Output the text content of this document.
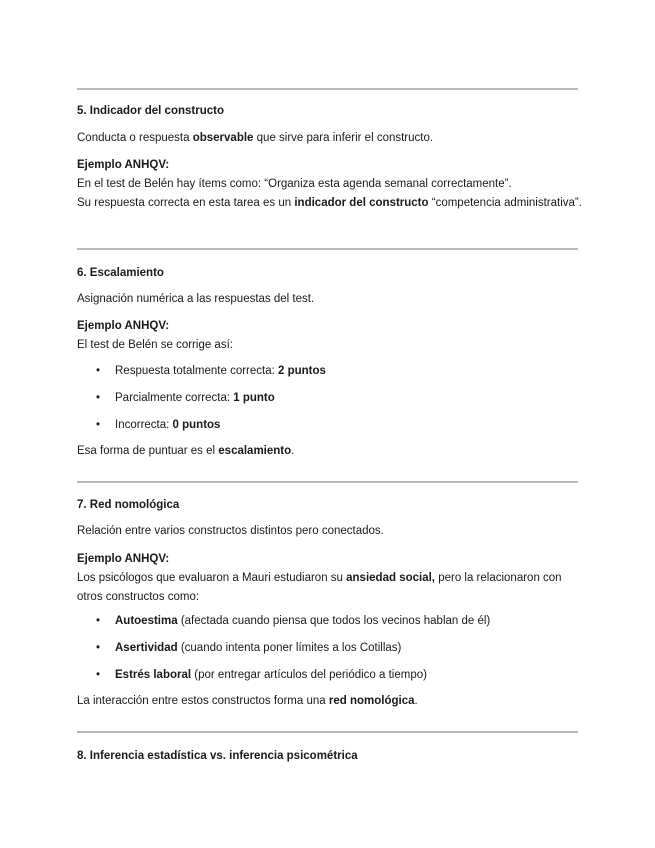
5. Indicador del constructo

Conducta o respuesta observable que sirve para inferir el constructo.

Ejemplo ANHQV:
En el test de Belén hay ítems como: “Organiza esta agenda semanal correctamente”.
Su respuesta correcta en esta tarea es un indicador del constructo “competencia administrativa”.

6. Escalamiento

Asignación numérica a las respuestas del test.

Ejemplo ANHQV:
El test de Belén se corrige así:

• Respuesta totalmente correcta: 2 puntos
• Parcialmente correcta: 1 punto
• Incorrecta: 0 puntos

Esa forma de puntuar es el escalamiento.

7. Red nomológica

Relación entre varios constructos distintos pero conectados.

Ejemplo ANHQV:
Los psicólogos que evaluaron a Mauri estudiaron su ansiedad social, pero la relacionaron con otros constructos como:

• Autoestima (afectada cuando piensa que todos los vecinos hablan de él)
• Asertividad (cuando intenta poner límites a los Cotillas)
• Estrés laboral (por entregar artículos del periódico a tiempo)

La interacción entre estos constructos forma una red nomológica.

8. Inferencia estadística vs. inferencia psicométrica
